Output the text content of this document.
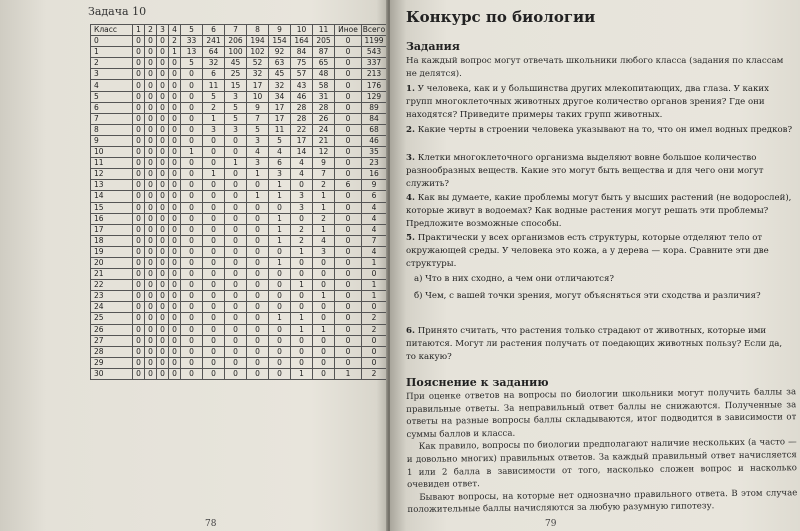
Задача 10
Класс	1	2	3	4	5	6	7	8	9	10	11	Иное	Всего
0	0	0	0	2	33	241	206	194	154	164	205	0	1199
1	0	0	0	1	13	64	100	102	92	84	87	0	543
2	0	0	0	0	5	32	45	52	63	75	65	0	337
3	0	0	0	0	0	6	25	32	45	57	48	0	213
4	0	0	0	0	0	11	15	17	32	43	58	0	176
5	0	0	0	0	0	5	3	10	34	46	31	0	129
6	0	0	0	0	0	2	5	9	17	28	28	0	89
7	0	0	0	0	0	1	5	7	17	28	26	0	84
8	0	0	0	0	0	3	3	5	11	22	24	0	68
9	0	0	0	0	0	0	0	3	5	17	21	0	46
10	0	0	0	0	1	0	0	4	4	14	12	0	35
11	0	0	0	0	0	0	1	3	6	4	9	0	23
12	0	0	0	0	0	1	0	1	3	4	7	0	16
13	0	0	0	0	0	0	0	0	1	0	2	6	9
14	0	0	0	0	0	0	0	1	1	3	1	0	6
15	0	0	0	0	0	0	0	0	0	3	1	0	4
16	0	0	0	0	0	0	0	0	1	0	2	0	4
17	0	0	0	0	0	0	0	0	1	2	1	0	4
18	0	0	0	0	0	0	0	0	1	2	4	0	7
19	0	0	0	0	0	0	0	0	0	1	3	0	4
20	0	0	0	0	0	0	0	0	1	0	0	0	1
21	0	0	0	0	0	0	0	0	0	0	0	0	0
22	0	0	0	0	0	0	0	0	0	1	0	0	1
23	0	0	0	0	0	0	0	0	0	0	1	0	1
24	0	0	0	0	0	0	0	0	0	0	0	0	0
25	0	0	0	0	0	0	0	0	1	1	0	0	2
26	0	0	0	0	0	0	0	0	0	1	1	0	2
27	0	0	0	0	0	0	0	0	0	0	0	0	0
28	0	0	0	0	0	0	0	0	0	0	0	0	0
29	0	0	0	0	0	0	0	0	0	0	0	0	0
30	0	0	0	0	0	0	0	0	0	1	0	1	2
78
Конкурс по биологии
Задания
На каждый вопрос могут отвечать школьники любого класса (задания по классам не делятся).
1. У человека, как и у большинства других млекопитающих, два глаза. У каких групп многоклеточных животных другое количество органов зрения? Где они находятся? Приведите примеры таких групп животных.
2. Какие черты в строении человека указывают на то, что он имел водных предков?
3. Клетки многоклеточного организма выделяют вовне большое количество разнообразных веществ. Какие это могут быть вещества и для чего они могут служить?
4. Как вы думаете, какие проблемы могут быть у высших растений (не водорослей), которые живут в водоемах? Как водные растения могут решать эти проблемы? Предложите возможные способы.
5. Практически у всех организмов есть структуры, которые отделяют тело от окружающей среды. У человека это кожа, а у дерева — кора. Сравните эти две структуры.
а) Что в них сходно, а чем они отличаются?
б) Чем, с вашей точки зрения, могут объясняться эти сходства и различия?
6. Принято считать, что растения только страдают от животных, которые ими питаются. Могут ли растения получать от поедающих животных пользу? Если да, то какую?
Пояснение к заданию

При оценке ответов на вопросы по биологии школьники могут получить баллы за правильные ответы. За неправильный ответ баллы не снижаются. Полученные за ответы на разные вопросы баллы складываются, итог подводится в зависимости от суммы баллов и класса.

Как правило, вопросы по биологии предполагают наличие нескольких (а часто — и довольно многих) правильных ответов. За каждый правильный ответ начисляется 1 или 2 балла в зависимости от того, насколько сложен вопрос и насколько очевиден ответ.

Бывают вопросы, на которые нет однозначно правильного ответа. В этом случае положительные баллы начисляются за любую разумную гипотезу.

79
